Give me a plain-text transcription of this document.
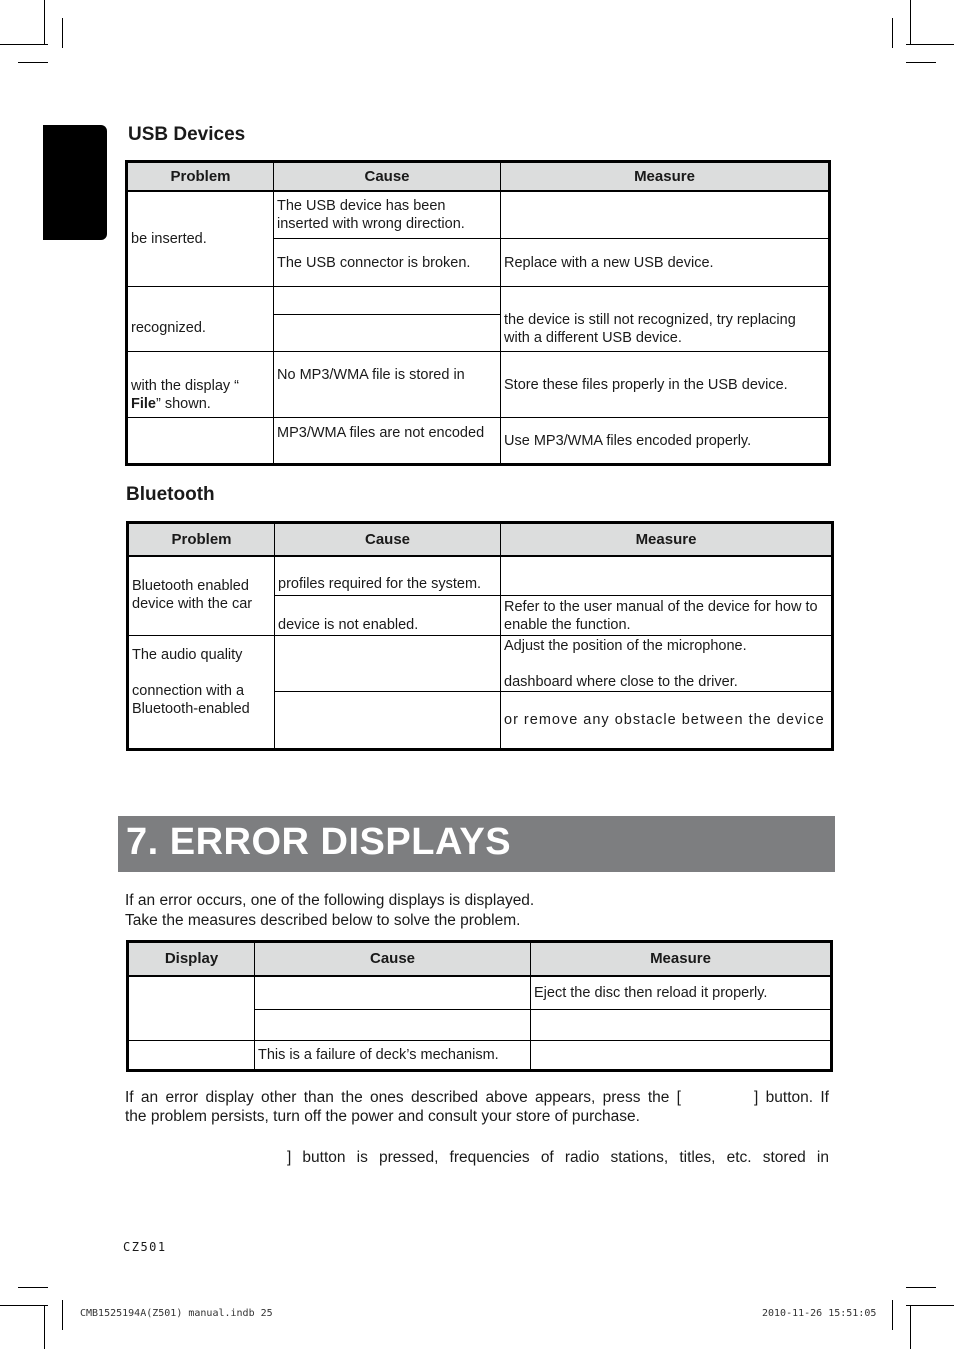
USB Devices
Problem	Cause	Measure
be inserted.	The USB device has been inserted with wrong direction.	
	The USB connector is broken.	Replace with a new USB device.
recognized.		the device is still not recognized, try replacing with a different USB device.

with the display “
File” shown.	No MP3/WMA file is stored in	Store these files properly in the USB device.
	MP3/WMA files are not encoded	Use MP3/WMA files encoded properly.
Bluetooth
Problem	Cause	Measure
Bluetooth enabled device with the car	profiles required for the system.	
	device is not enabled.	Refer to the user manual of the device for how to enable the function.
The audio quality

connection with a Bluetooth-enabled		Adjust the position of the microphone.

dashboard where close to the driver.
		or remove any obstacle between the device
7. ERROR DISPLAYS

If an error occurs, one of the following displays is displayed.

Take the measures described below to solve the problem.

Display	Cause	Measure
		Eject the disc then reload it properly.

	This is a failure of deck’s mechanism.	

If an error display other than the ones described above appears, press the [          ] button. If

the problem persists, turn off the power and consult your store of purchase.

] button is pressed, frequencies of radio stations, titles, etc. stored in

CZ501
CMB1525194A(Z501) manual.indb 25	2010-11-26 15:51:05
